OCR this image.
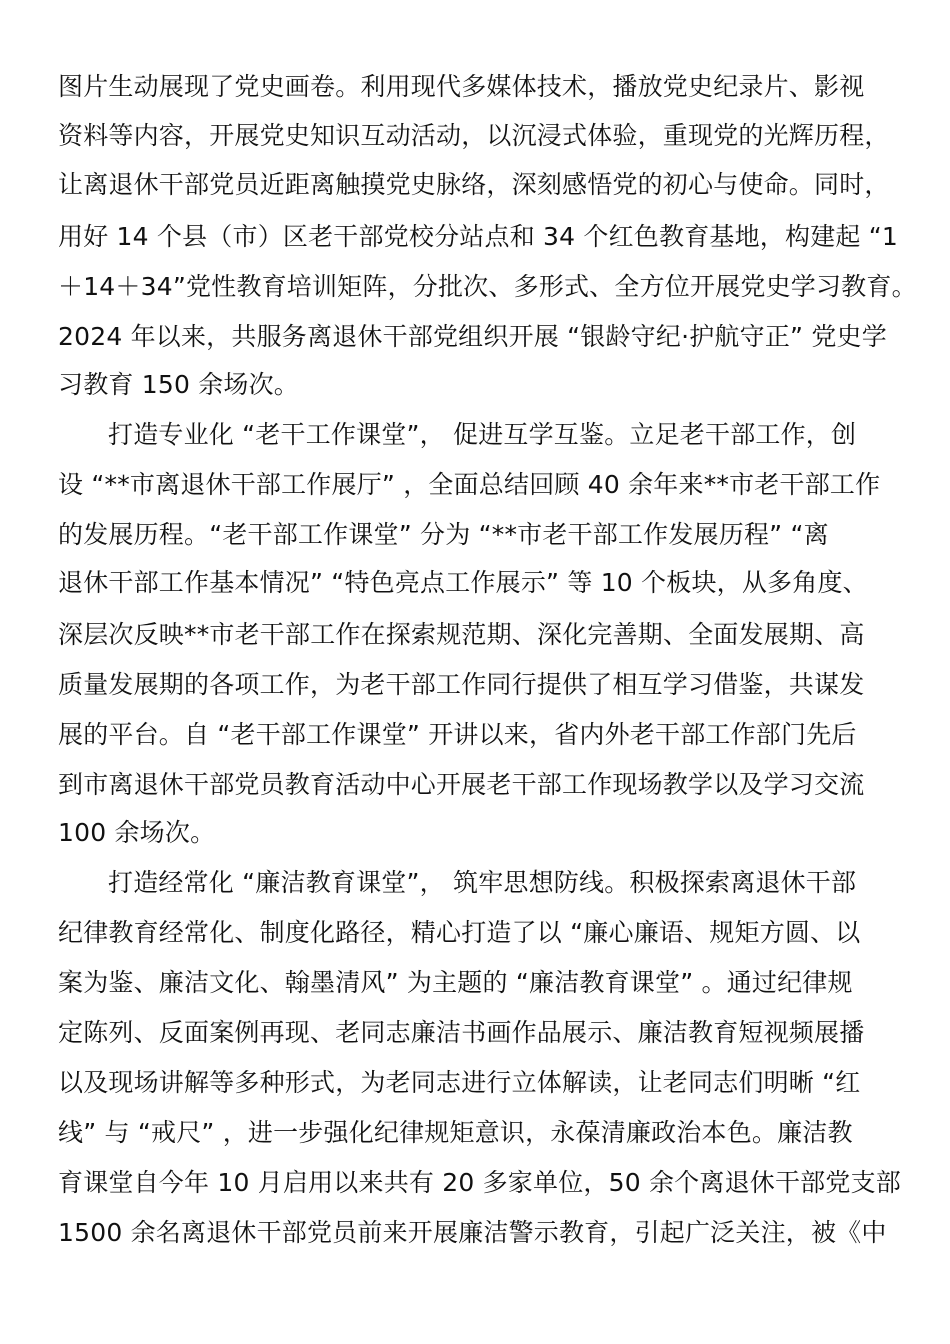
图片生动展现了党史画卷。利用现代多媒体技术，播放党史纪录片、影视
资料等内容，开展党史知识互动活动，以沉浸式体验，重现党的光辉历程，
让离退休干部党员近距离触摸党史脉络，深刻感悟党的初心与使命。同时，
用好 14 个县（市）区老干部党校分站点和 34 个红色教育基地，构建起 “1
＋14＋34”党性教育培训矩阵，分批次、多形式、全方位开展党史学习教育。
2024 年以来，共服务离退休干部党组织开展 “银龄守纪·护航守正” 党史学
习教育 150 余场次。
打造专业化 “老干工作课堂”， 促进互学互鉴。立足老干部工作，创
设 “**市离退休干部工作展厅” ，全面总结回顾 40 余年来**市老干部工作
的发展历程。“老干部工作课堂” 分为 “**市老干部工作发展历程” “离
退休干部工作基本情况” “特色亮点工作展示” 等 10 个板块，从多角度、
深层次反映**市老干部工作在探索规范期、深化完善期、全面发展期、高
质量发展期的各项工作，为老干部工作同行提供了相互学习借鉴，共谋发
展的平台。自 “老干部工作课堂” 开讲以来，省内外老干部工作部门先后
到市离退休干部党员教育活动中心开展老干部工作现场教学以及学习交流
100 余场次。
打造经常化 “廉洁教育课堂”， 筑牢思想防线。积极探索离退休干部
纪律教育经常化、制度化路径，精心打造了以 “廉心廉语、规矩方圆、以
案为鉴、廉洁文化、翰墨清风” 为主题的 “廉洁教育课堂” 。通过纪律规
定陈列、反面案例再现、老同志廉洁书画作品展示、廉洁教育短视频展播
以及现场讲解等多种形式，为老同志进行立体解读，让老同志们明晰 “红
线” 与 “戒尺” ，进一步强化纪律规矩意识，永葆清廉政治本色。廉洁教
育课堂自今年 10 月启用以来共有 20 多家单位，50 余个离退休干部党支部
1500 余名离退休干部党员前来开展廉洁警示教育，引起广泛关注，被《中
